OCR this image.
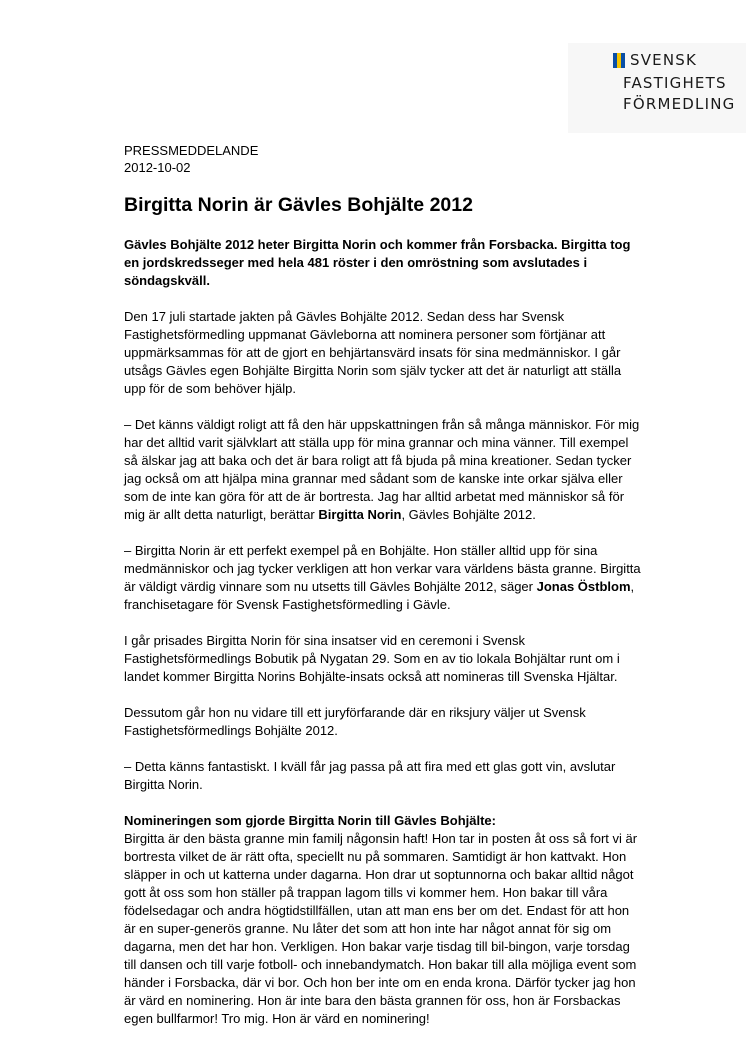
SVENSK
FASTIGHETS
FÖRMEDLING
PRESSMEDDELANDE
2012-10-02
Birgitta Norin är Gävles Bohjälte 2012

Gävles Bohjälte 2012 heter Birgitta Norin och kommer från Forsbacka. Birgitta tog en jordskredsseger med hela 481 röster i den omröstning som avslutades i söndagskväll.

Den 17 juli startade jakten på Gävles Bohjälte 2012. Sedan dess har Svensk Fastighetsförmedling uppmanat Gävleborna att nominera personer som förtjänar att uppmärksammas för att de gjort en behjärtansvärd insats för sina medmänniskor. I går utsågs Gävles egen Bohjälte Birgitta Norin som själv tycker att det är naturligt att ställa upp för de som behöver hjälp.

– Det känns väldigt roligt att få den här uppskattningen från så många människor. För mig har det alltid varit självklart att ställa upp för mina grannar och mina vänner. Till exempel så älskar jag att baka och det är bara roligt att få bjuda på mina kreationer. Sedan tycker jag också om att hjälpa mina grannar med sådant som de kanske inte orkar själva eller som de inte kan göra för att de är bortresta. Jag har alltid arbetat med människor så för mig är allt detta naturligt, berättar Birgitta Norin, Gävles Bohjälte 2012.

– Birgitta Norin är ett perfekt exempel på en Bohjälte. Hon ställer alltid upp för sina medmänniskor och jag tycker verkligen att hon verkar vara världens bästa granne. Birgitta är väldigt värdig vinnare som nu utsetts till Gävles Bohjälte 2012, säger Jonas Östblom, franchisetagare för Svensk Fastighetsförmedling i Gävle.

I går prisades Birgitta Norin för sina insatser vid en ceremoni i Svensk Fastighetsförmedlings Bobutik på Nygatan 29. Som en av tio lokala Bohjältar runt om i landet kommer Birgitta Norins Bohjälte-insats också att nomineras till Svenska Hjältar.

Dessutom går hon nu vidare till ett juryförfarande där en riksjury väljer ut Svensk Fastighetsförmedlings Bohjälte 2012.

– Detta känns fantastiskt. I kväll får jag passa på att fira med ett glas gott vin, avslutar Birgitta Norin.

Nomineringen som gjorde Birgitta Norin till Gävles Bohjälte:

Birgitta är den bästa granne min familj någonsin haft! Hon tar in posten åt oss så fort vi är bortresta vilket de är rätt ofta, speciellt nu på sommaren. Samtidigt är hon kattvakt. Hon släpper in och ut katterna under dagarna. Hon drar ut soptunnorna och bakar alltid något gott åt oss som hon ställer på trappan lagom tills vi kommer hem. Hon bakar till våra födelsedagar och andra högtidstillfällen, utan att man ens ber om det. Endast för att hon är en super-generös granne. Nu låter det som att hon inte har något annat för sig om dagarna, men det har hon. Verkligen. Hon bakar varje tisdag till bil-bingon, varje torsdag till dansen och till varje fotboll- och innebandymatch. Hon bakar till alla möjliga event som händer i Forsbacka, där vi bor. Och hon ber inte om en enda krona. Därför tycker jag hon är värd en nominering. Hon är inte bara den bästa grannen för oss, hon är Forsbackas egen bullfarmor! Tro mig. Hon är värd en nominering!
